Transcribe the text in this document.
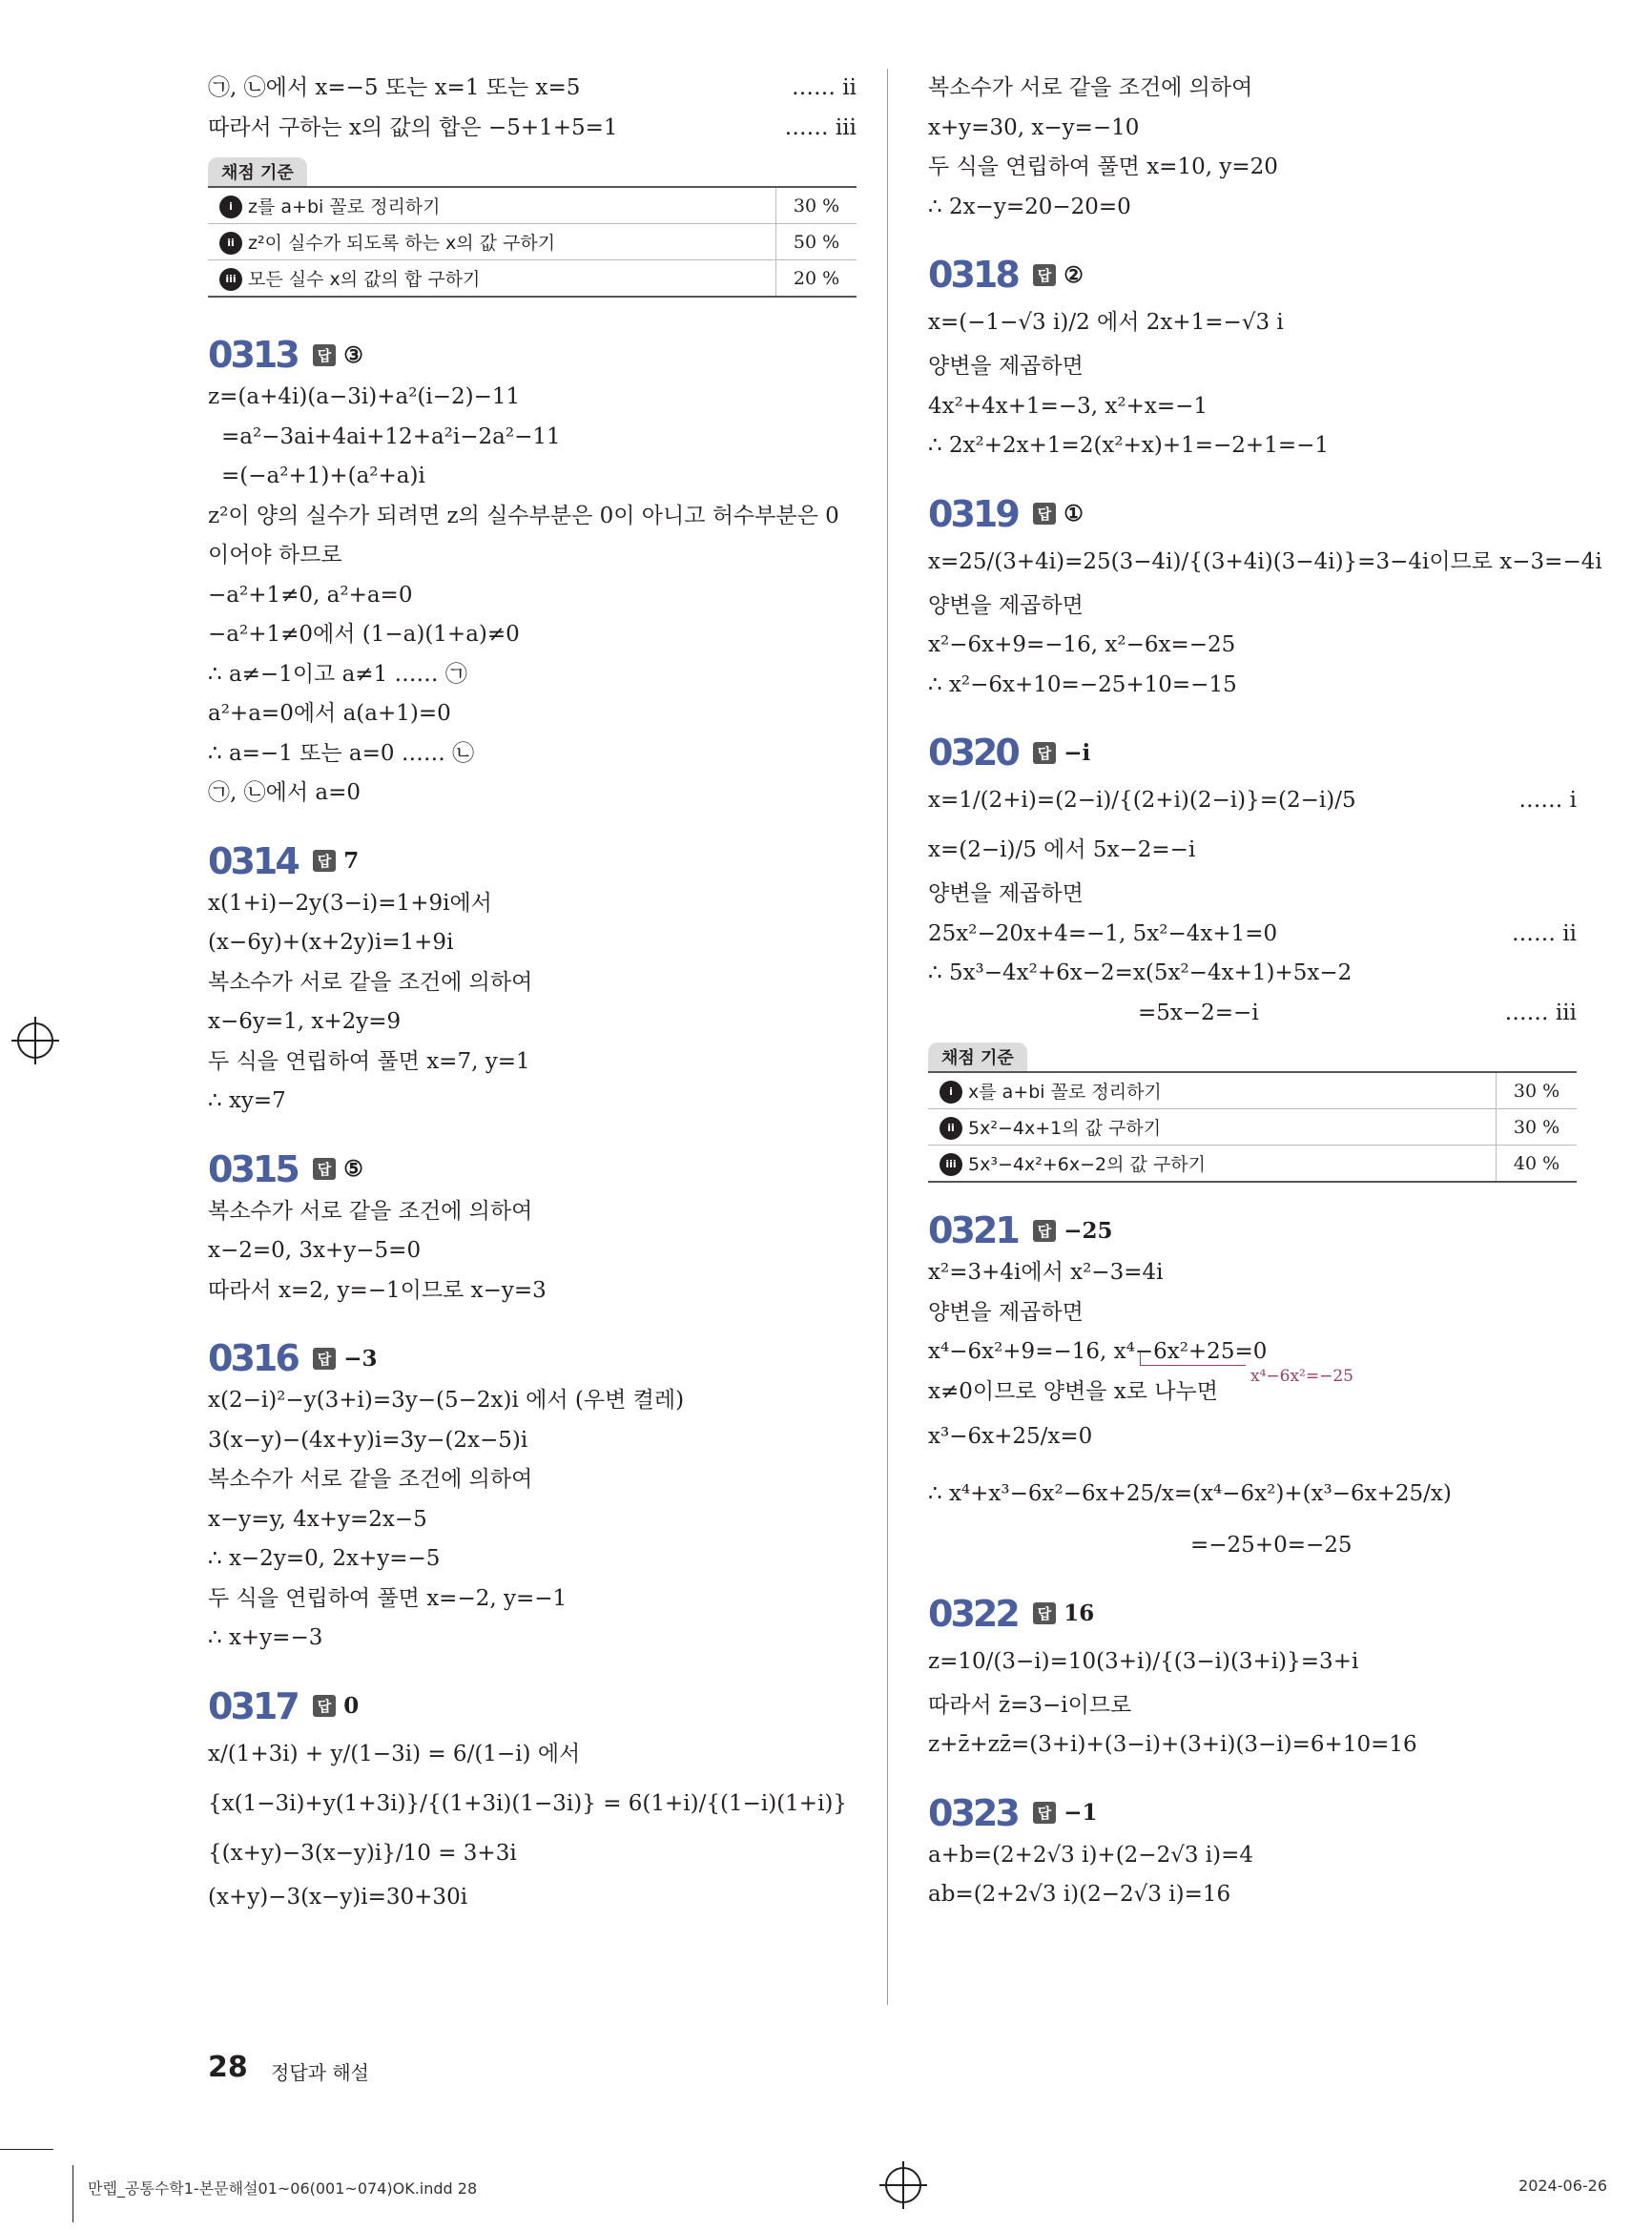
㉠, ㉡에서 x=−5 또는 x=1 또는 x=5	…… ⅱ
따라서 구하는 x의 값의 합은 −5+1+5=1	…… ⅲ
채점 기준
i z를 a+bi 꼴로 정리하기	30 %
ii z²이 실수가 되도록 하는 x의 값 구하기	50 %
iii 모든 실수 x의 값의 합 구하기	20 %
0313	답 ③
z=(a+4i)(a−3i)+a²(i−2)−11
=a²−3ai+4ai+12+a²i−2a²−11
=(−a²+1)+(a²+a)i
z²이 양의 실수가 되려면 z의 실수부분은 0이 아니고 허수부분은 0
이어야 하므로
−a²+1≠0, a²+a=0
−a²+1≠0에서 (1−a)(1+a)≠0
∴ a≠−1이고 a≠1 …… ㉠
a²+a=0에서 a(a+1)=0
∴ a=−1 또는 a=0 …… ㉡
㉠, ㉡에서 a=0
0314	답 7
x(1+i)−2y(3−i)=1+9i에서
(x−6y)+(x+2y)i=1+9i
복소수가 서로 같을 조건에 의하여
x−6y=1, x+2y=9
두 식을 연립하여 풀면 x=7, y=1
∴ xy=7
0315	답 ⑤
복소수가 서로 같을 조건에 의하여
x−2=0, 3x+y−5=0
따라서 x=2, y=−1이므로 x−y=3
0316	답 −3
x(2−i)²−y(3+i)=3y−(5−2x)i 에서 (우변 켤레)
3(x−y)−(4x+y)i=3y−(2x−5)i
복소수가 서로 같을 조건에 의하여
x−y=y, 4x+y=2x−5
∴ x−2y=0, 2x+y=−5
두 식을 연립하여 풀면 x=−2, y=−1
∴ x+y=−3
0317	답 0
x/(1+3i) + y/(1−3i) = 6/(1−i) 에서
{x(1−3i)+y(1+3i)}/{(1+3i)(1−3i)} = 6(1+i)/{(1−i)(1+i)}
{(x+y)−3(x−y)i}/10 = 3+3i
(x+y)−3(x−y)i=30+30i
복소수가 서로 같을 조건에 의하여
x+y=30, x−y=−10
두 식을 연립하여 풀면 x=10, y=20
∴ 2x−y=20−20=0
0318	답 ②
x=(−1−√3 i)/2 에서 2x+1=−√3 i
양변을 제곱하면
4x²+4x+1=−3, x²+x=−1
∴ 2x²+2x+1=2(x²+x)+1=−2+1=−1
0319	답 ①
x=25/(3+4i)=25(3−4i)/{(3+4i)(3−4i)}=3−4i이므로 x−3=−4i
양변을 제곱하면
x²−6x+9=−16, x²−6x=−25
∴ x²−6x+10=−25+10=−15
0320	답 −i
x=1/(2+i)=(2−i)/{(2+i)(2−i)}=(2−i)/5	…… ⅰ
x=(2−i)/5 에서 5x−2=−i
양변을 제곱하면
25x²−20x+4=−1, 5x²−4x+1=0	…… ⅱ
∴ 5x³−4x²+6x−2=x(5x²−4x+1)+5x−2
=5x−2=−i	…… ⅲ
채점 기준
i x를 a+bi 꼴로 정리하기	30 %
ii 5x²−4x+1의 값 구하기	30 %
iii 5x³−4x²+6x−2의 값 구하기	40 %
0321	답 −25
x²=3+4i에서 x²−3=4i
양변을 제곱하면
x⁴−6x²+9=−16, x⁴−6x²+25=0
x⁴−6x²=−25
x≠0이므로 양변을 x로 나누면
x³−6x+25/x=0
∴ x⁴+x³−6x²−6x+25/x=(x⁴−6x²)+(x³−6x+25/x)
=−25+0=−25
0322	답 16
z=10/(3−i)=10(3+i)/{(3−i)(3+i)}=3+i
따라서 z̄=3−i이므로
z+z̄+zz̄=(3+i)+(3−i)+(3+i)(3−i)=6+10=16
0323	답 −1
a+b=(2+2√3 i)+(2−2√3 i)=4
ab=(2+2√3 i)(2−2√3 i)=16
28 정답과 해설
만렙_공통수학1-본문해설01~06(001~074)OK.indd 28	2024-06-26
